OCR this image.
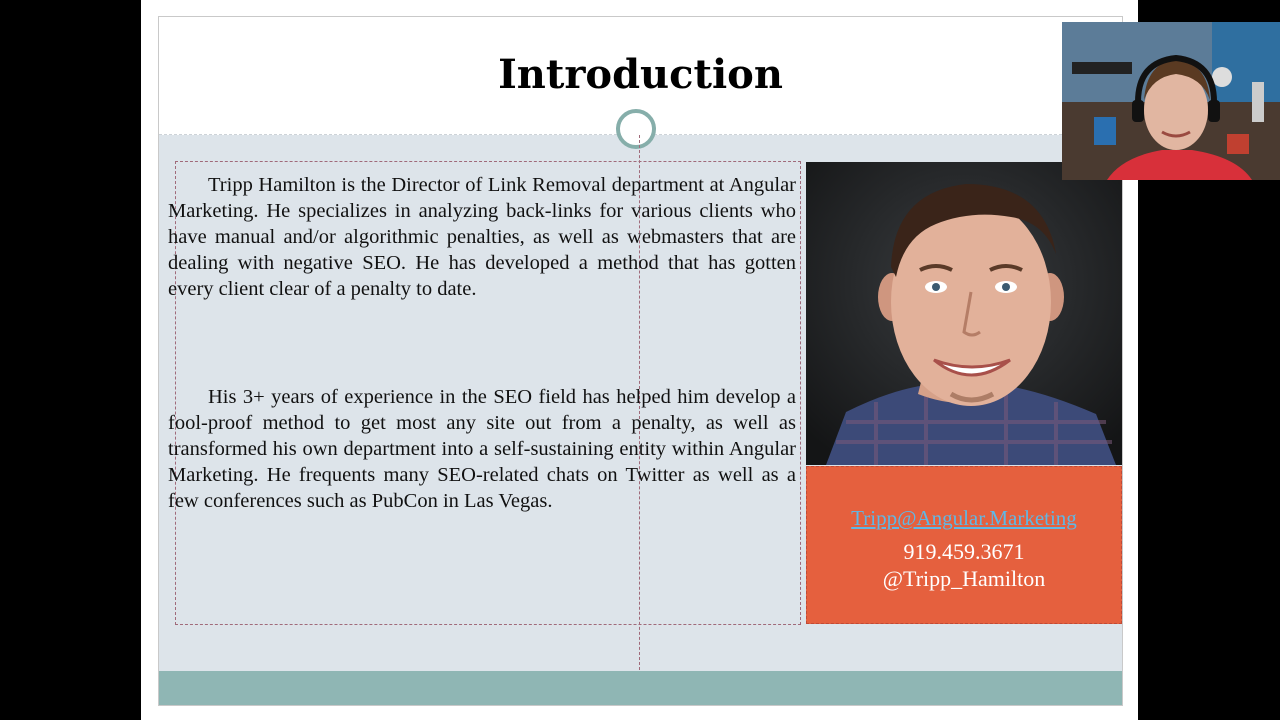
Introduction

Tripp Hamilton is the Director of Link Removal department at Angular Marketing. He specializes in analyzing back-links for various clients who have manual and/or algorithmic penalties, as well as webmasters that are dealing with negative SEO. He has developed a method that has gotten every client clear of a penalty to date.

His 3+ years of experience in the SEO field has helped him develop a fool-proof method to get most any site out from a penalty, as well as transformed his own department into a self-sustaining entity within Angular Marketing. He frequents many SEO-related chats on Twitter as well as a few conferences such as PubCon in Las Vegas.

Tripp@Angular.Marketing
919.459.3671
@Tripp_Hamilton
